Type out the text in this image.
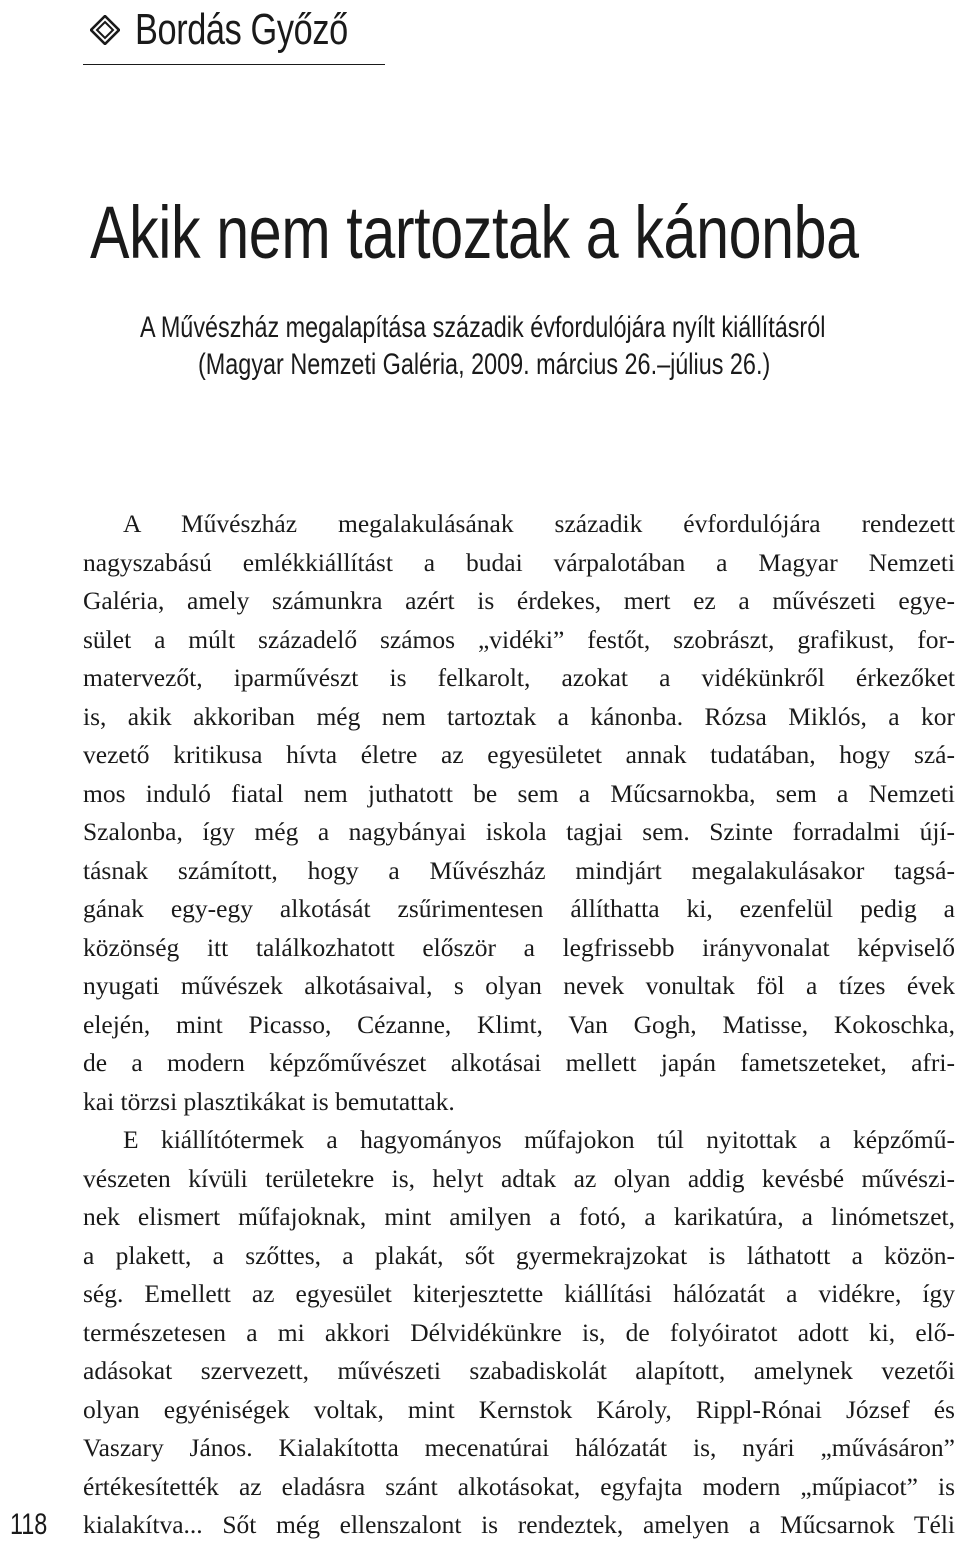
Bordás Győző
Akik nem tartoztak a kánonba
A Művészház megalapítása századik évfordulójára nyílt kiállításról
(Magyar Nemzeti Galéria, 2009. március 26.–július 26.)
A Művészház megalakulásának századik évfordulójára rendezett
nagyszabású emlékkiállítást a budai várpalotában a Magyar Nemzeti
Galéria, amely számunkra azért is érdekes, mert ez a művészeti egye-
sület a múlt századelő számos „vidéki” festőt, szobrászt, grafikust, for-
matervezőt, iparművészt is felkarolt, azokat a vidékünkről érkezőket
is, akik akkoriban még nem tartoztak a kánonba. Rózsa Miklós, a kor
vezető kritikusa hívta életre az egyesületet annak tudatában, hogy szá-
mos induló fiatal nem juthatott be sem a Műcsarnokba, sem a Nemzeti
Szalonba, így még a nagybányai iskola tagjai sem. Szinte forradalmi újí-
tásnak számított, hogy a Művészház mindjárt megalakulásakor tagsá-
gának egy-egy alkotását zsűrimentesen állíthatta ki, ezenfelül pedig a
közönség itt találkozhatott először a legfrissebb irányvonalat képviselő
nyugati művészek alkotásaival, s olyan nevek vonultak föl a tízes évek
elején, mint Picasso, Cézanne, Klimt, Van Gogh, Matisse, Kokoschka,
de a modern képzőművészet alkotásai mellett japán fametszeteket, afri-
kai törzsi plasztikákat is bemutattak.
E kiállítótermek a hagyományos műfajokon túl nyitottak a képzőmű-
vészeten kívüli területekre is, helyt adtak az olyan addig kevésbé művészi-
nek elismert műfajoknak, mint amilyen a fotó, a karikatúra, a linómetszet,
a plakett, a szőttes, a plakát, sőt gyermekrajzokat is láthatott a közön-
ség. Emellett az egyesület kiterjesztette kiállítási hálózatát a vidékre, így
természetesen a mi akkori Délvidékünkre is, de folyóiratot adott ki, elő-
adásokat szervezett, művészeti szabadiskolát alapított, amelynek vezetői
olyan egyéniségek voltak, mint Kernstok Károly, Rippl-Rónai József és
Vaszary János. Kialakította mecenatúrai hálózatát is, nyári „művásáron”
értékesítették az eladásra szánt alkotásokat, egyfajta modern „műpiacot” is
kialakítva... Sőt még ellenszalont is rendeztek, amelyen a Műcsarnok Téli
118
